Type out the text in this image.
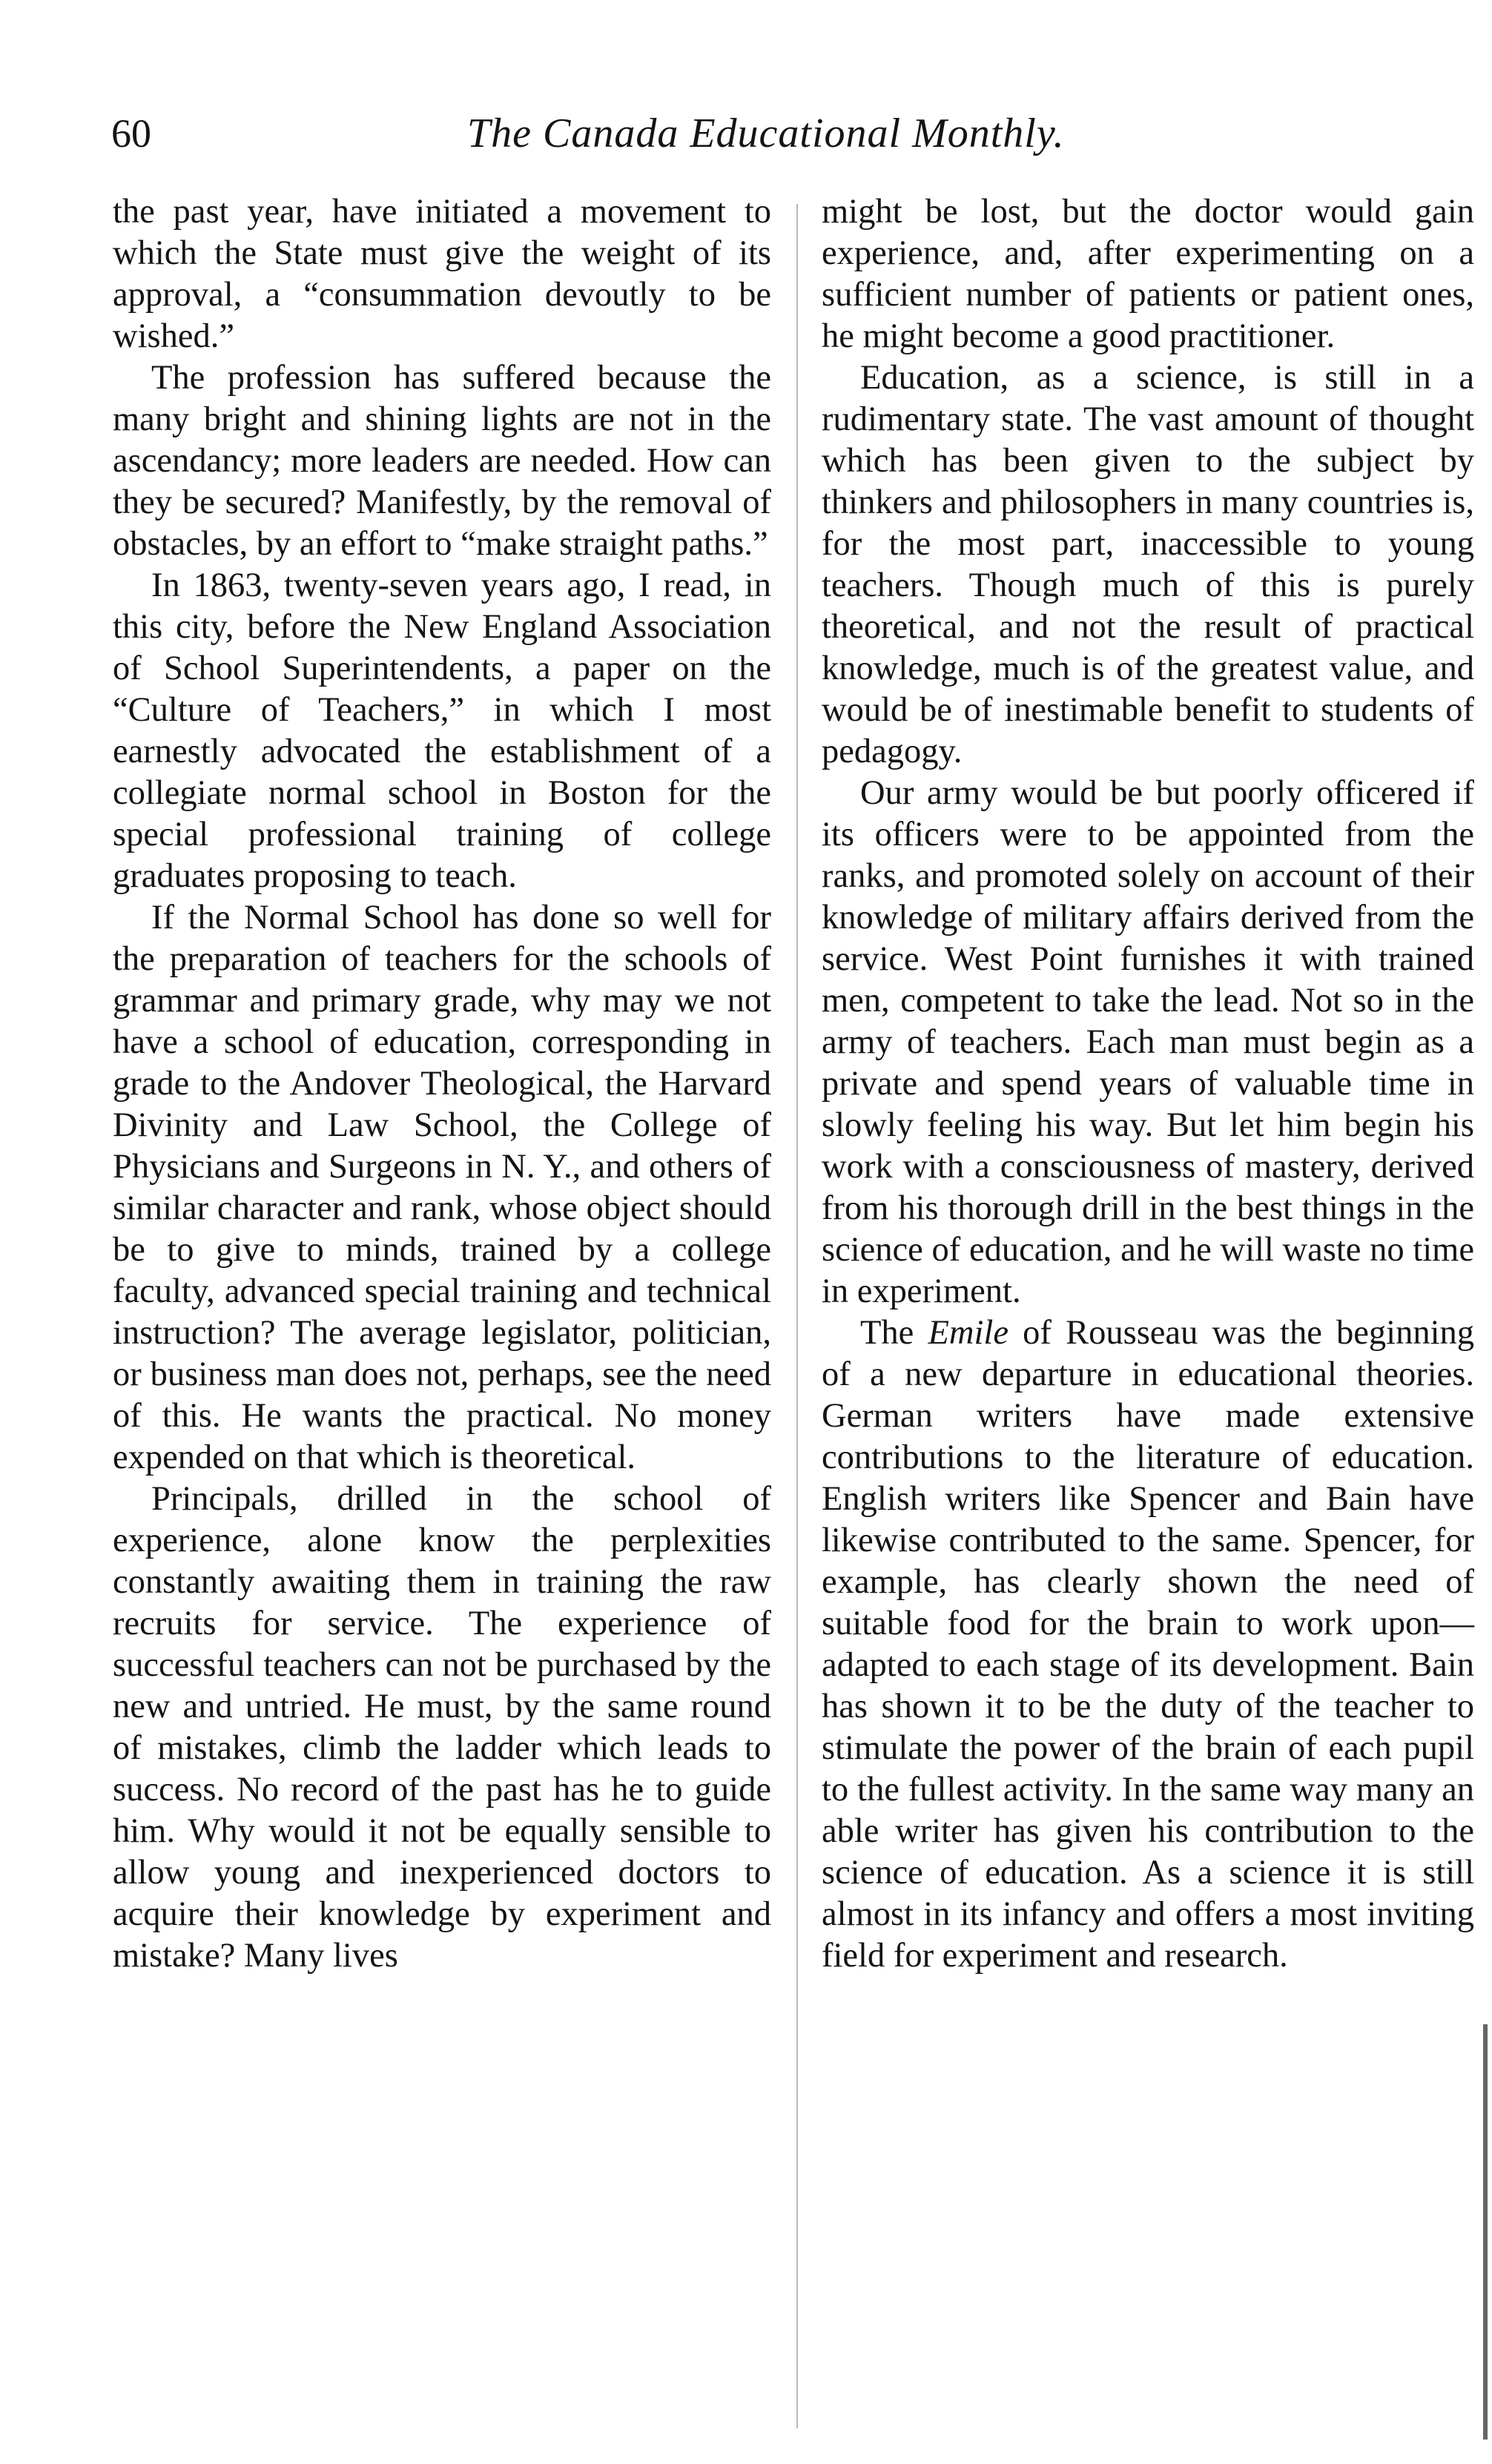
60	The Canada Educational Monthly.

the past year, have initiated a movement to which the State must give the weight of its approval, a “consummation devoutly to be wished.”

The profession has suffered because the many bright and shining lights are not in the ascendancy; more leaders are needed. How can they be secured? Manifestly, by the removal of obstacles, by an effort to “make straight paths.”

In 1863, twenty-seven years ago, I read, in this city, before the New England Association of School Superintendents, a paper on the “Culture of Teachers,” in which I most earnestly advocated the establishment of a collegiate normal school in Boston for the special professional training of college graduates proposing to teach.

If the Normal School has done so well for the preparation of teachers for the schools of grammar and primary grade, why may we not have a school of education, corresponding in grade to the Andover Theological, the Harvard Divinity and Law School, the College of Physicians and Surgeons in N. Y., and others of similar character and rank, whose object should be to give to minds, trained by a college faculty, advanced special training and technical instruction? The average legislator, politician, or business man does not, perhaps, see the need of this. He wants the practical. No money expended on that which is theoretical.

Principals, drilled in the school of experience, alone know the perplexities constantly awaiting them in training the raw recruits for service. The experience of successful teachers can not be purchased by the new and untried. He must, by the same round of mistakes, climb the ladder which leads to success. No record of the past has he to guide him. Why would it not be equally sensible to allow young and inexperienced doctors to acquire their knowledge by experiment and mistake? Many lives

might be lost, but the doctor would gain experience, and, after experimenting on a sufficient number of patients or patient ones, he might become a good practitioner.

Education, as a science, is still in a rudimentary state. The vast amount of thought which has been given to the subject by thinkers and philosophers in many countries is, for the most part, inaccessible to young teachers. Though much of this is purely theoretical, and not the result of practical knowledge, much is of the greatest value, and would be of inestimable benefit to students of pedagogy.

Our army would be but poorly officered if its officers were to be appointed from the ranks, and promoted solely on account of their knowledge of military affairs derived from the service. West Point furnishes it with trained men, competent to take the lead. Not so in the army of teachers. Each man must begin as a private and spend years of valuable time in slowly feeling his way. But let him begin his work with a consciousness of mastery, derived from his thorough drill in the best things in the science of education, and he will waste no time in experiment.

The Emile of Rousseau was the beginning of a new departure in educational theories. German writers have made extensive contributions to the literature of education. English writers like Spencer and Bain have likewise contributed to the same. Spencer, for example, has clearly shown the need of suitable food for the brain to work upon—adapted to each stage of its development. Bain has shown it to be the duty of the teacher to stimulate the power of the brain of each pupil to the fullest activity. In the same way many an able writer has given his contribution to the science of education. As a science it is still almost in its infancy and offers a most inviting field for experiment and research.
